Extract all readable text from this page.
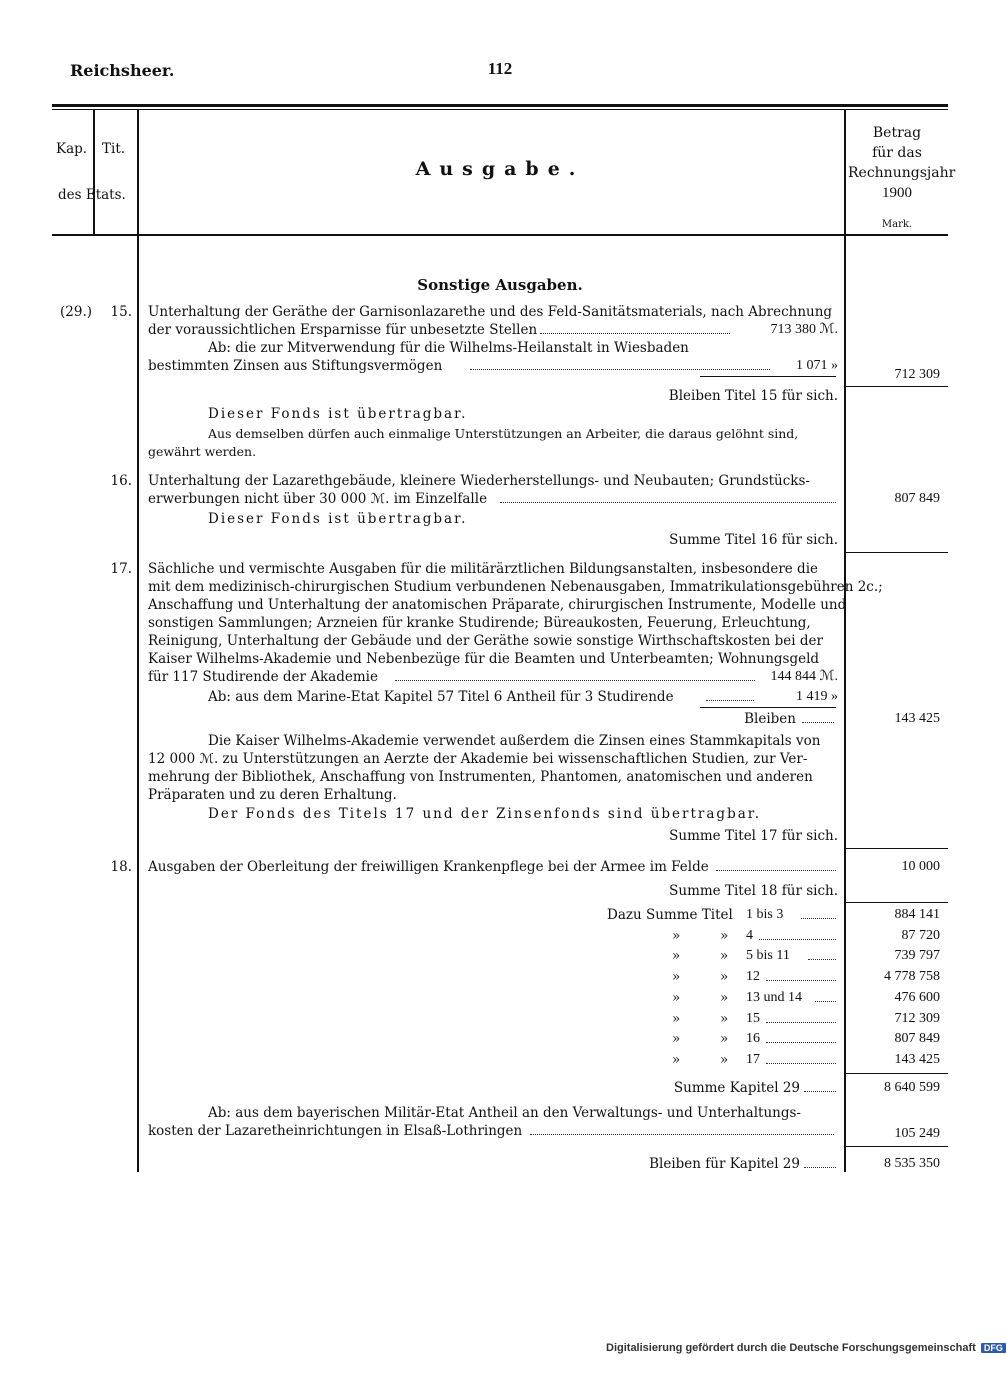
Reichsheer.	112
Kap. Tit.
des Etats.
Ausgabe.
Betrag
für das
Rechnungsjahr
1900
Mark.
Sonstige Ausgaben.
(29.)	15. Unterhaltung der Geräthe der Garnisonlazarethe und des Feld-Sanitätsmaterials, nach Abrechnung
der voraussichtlichen Ersparnisse für unbesetzte Stellen	713 380 ℳ.
Ab: die zur Mitverwendung für die Wilhelms-Heilanstalt in Wiesbaden
bestimmten Zinsen aus Stiftungsvermögen	1 071 »
712 309
Bleiben Titel 15 für sich.
Dieser Fonds ist übertragbar.
Aus demselben dürfen auch einmalige Unterstützungen an Arbeiter, die daraus gelöhnt sind,
gewährt werden.
16. Unterhaltung der Lazarethgebäude, kleinere Wiederherstellungs- und Neubauten; Grundstücks-
erwerbungen nicht über 30 000 ℳ. im Einzelfalle	807 849
Dieser Fonds ist übertragbar.
Summe Titel 16 für sich.
17. Sächliche und vermischte Ausgaben für die militärärztlichen Bildungsanstalten, insbesondere die
mit dem medizinisch-chirurgischen Studium verbundenen Nebenausgaben, Immatrikulationsgebühren 2c.;
Anschaffung und Unterhaltung der anatomischen Präparate, chirurgischen Instrumente, Modelle und
sonstigen Sammlungen; Arzneien für kranke Studirende; Büreaukosten, Feuerung, Erleuchtung,
Reinigung, Unterhaltung der Gebäude und der Geräthe sowie sonstige Wirthschaftskosten bei der
Kaiser Wilhelms-Akademie und Nebenbezüge für die Beamten und Unterbeamten; Wohnungsgeld
für 117 Studirende der Akademie	144 844 ℳ.
Ab: aus dem Marine-Etat Kapitel 57 Titel 6 Antheil für 3 Studirende	1 419 »
Bleiben	143 425
Die Kaiser Wilhelms-Akademie verwendet außerdem die Zinsen eines Stammkapitals von
12 000 ℳ. zu Unterstützungen an Aerzte der Akademie bei wissenschaftlichen Studien, zur Ver-
mehrung der Bibliothek, Anschaffung von Instrumenten, Phantomen, anatomischen und anderen
Präparaten und zu deren Erhaltung.
Der Fonds des Titels 17 und der Zinsenfonds sind übertragbar.
Summe Titel 17 für sich.
18. Ausgaben der Oberleitung der freiwilligen Krankenpflege bei der Armee im Felde	10 000
Summe Titel 18 für sich.
Dazu Summe Titel 1 bis 3	884 141
»	» 4	87 720
»	» 5 bis 11	739 797
»	» 12	4 778 758
»	» 13 und 14	476 600
»	» 15	712 309
»	» 16	807 849
»	» 17	143 425
Summe Kapitel 29	8 640 599
Ab: aus dem bayerischen Militär-Etat Antheil an den Verwaltungs- und Unterhaltungs-
kosten der Lazaretheinrichtungen in Elsaß-Lothringen	105 249
Bleiben für Kapitel 29	8 535 350
Digitalisierung gefördert durch die Deutsche Forschungsgemeinschaft DFG
